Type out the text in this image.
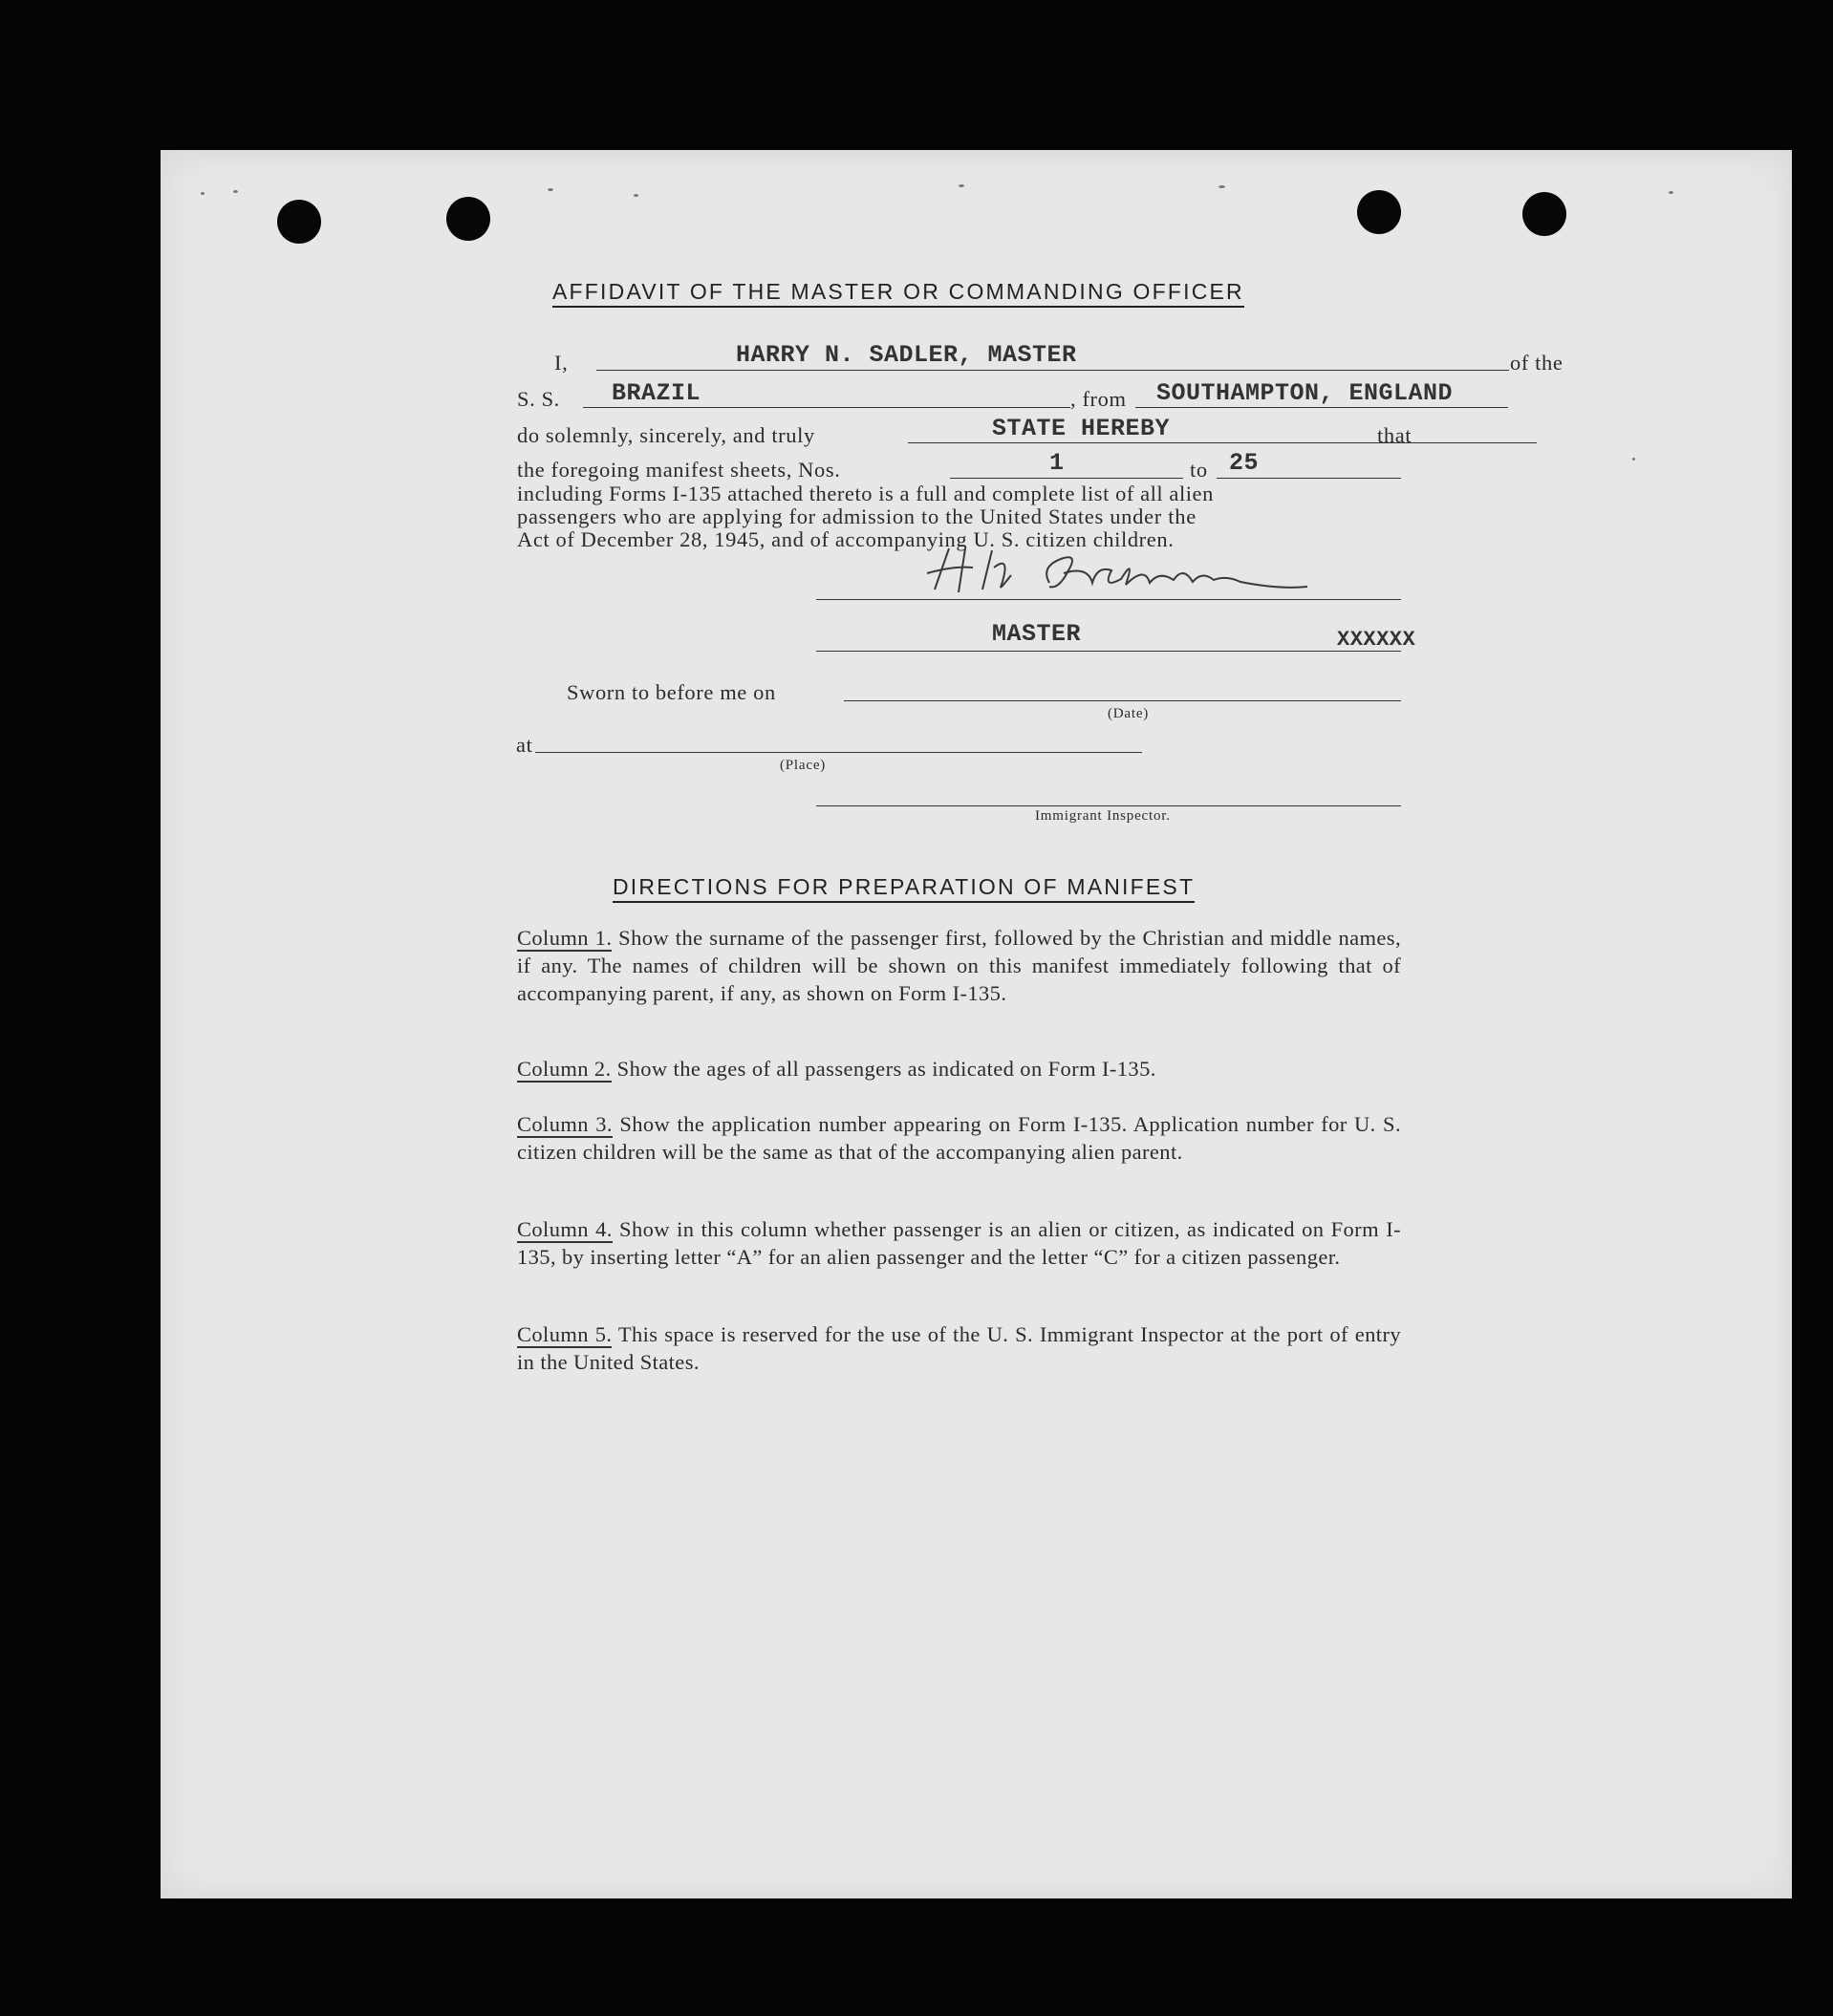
AFFIDAVIT OF THE MASTER OR COMMANDING OFFICER
I,	HARRY N. SADLER, MASTER	of the
S. S. BRAZIL	, from SOUTHAMPTON, ENGLAND
do solemnly, sincerely, and truly	STATE HEREBY	that
the foregoing manifest sheets, Nos.	1	to 25
including Forms I-135 attached thereto is a full and complete list of all alien
passengers who are applying for admission to the United States under the
Act of December 28, 1945, and of accompanying U. S. citizen children.
MASTER	XXXXXX
Sworn to before me on
(Date)
at
(Place)
Immigrant Inspector.
DIRECTIONS FOR PREPARATION OF MANIFEST
Column 1. Show the surname of the passenger first, followed by the Christian and middle names, if any. The names of children will be shown on this manifest immediately following that of accompanying parent, if any, as shown on Form I-135.
Column 2. Show the ages of all passengers as indicated on Form I-135.
Column 3. Show the application number appearing on Form I-135. Application number for U. S. citizen children will be the same as that of the accompanying alien parent.
Column 4. Show in this column whether passenger is an alien or citizen, as indicated on Form I-135, by inserting letter “A” for an alien passenger and the letter “C” for a citizen passenger.
Column 5. This space is reserved for the use of the U. S. Immigrant Inspector at the port of entry in the United States.
